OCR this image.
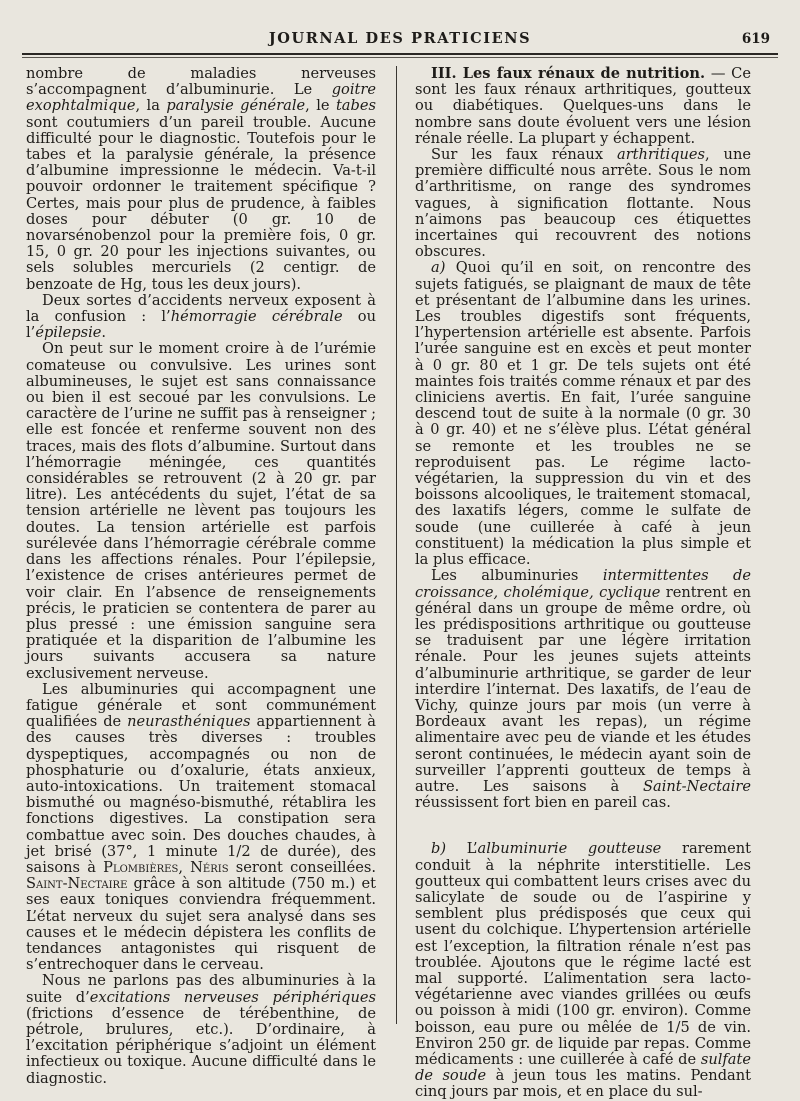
JOURNAL DES PRATICIENS	619

nombre de maladies nerveuses s’accompagnent d’albuminurie. Le goitre exophtalmique, la paralysie générale, le tabes sont coutumiers d’un pareil trouble. Aucune difficulté pour le diagnostic. Toutefois pour le tabes et la paralysie générale, la présence d’albumine impressionne le médecin. Va-t-il pouvoir ordonner le traitement spécifique ? Certes, mais pour plus de prudence, à faibles doses pour débuter (0 gr. 10 de novarsénobenzol pour la première fois, 0 gr. 15, 0 gr. 20 pour les injections suivantes, ou sels solubles mercuriels (2 centigr. de benzoate de Hg, tous les deux jours).

Deux sortes d’accidents nerveux exposent à la confusion : l’hémorragie cérébrale ou l’épilepsie.

On peut sur le moment croire à de l’urémie comateuse ou convulsive. Les urines sont albumineuses, le sujet est sans connaissance ou bien il est secoué par les convulsions. Le caractère de l’urine ne suffit pas à renseigner ; elle est foncée et renferme souvent non des traces, mais des flots d’albumine. Surtout dans l’hémorragie méningée, ces quantités considérables se retrouvent (2 à 20 gr. par litre). Les antécédents du sujet, l’état de sa tension artérielle ne lèvent pas toujours les doutes. La tension artérielle est parfois surélevée dans l’hémorragie cérébrale comme dans les affections rénales. Pour l’épilepsie, l’existence de crises antérieures permet de voir clair. En l’absence de renseignements précis, le praticien se contentera de parer au plus pressé : une émission sanguine sera pratiquée et la disparition de l’albumine les jours suivants accusera sa nature exclusivement nerveuse.

Les albuminuries qui accompagnent une fatigue générale et sont communément qualifiées de neurasthéniques appartiennent à des causes très diverses : troubles dyspeptiques, accompagnés ou non de phosphaturie ou d’oxalurie, états anxieux, auto-intoxications. Un traitement stomacal bismuthé ou magnéso-bismuthé, rétablira les fonctions digestives. La constipation sera combattue avec soin. Des douches chaudes, à jet brisé (37°, 1 minute 1/2 de durée), des saisons à Plombières, Néris seront conseillées. Saint-Nectaire grâce à son altitude (750 m.) et ses eaux toniques conviendra fréquemment. L’état nerveux du sujet sera analysé dans ses causes et le médecin dépistera les conflits de tendances antagonistes qui risquent de s’entrechoquer dans le cerveau.

Nous ne parlons pas des albuminuries à la suite d’excitations nerveuses périphériques (frictions d’essence de térébenthine, de pétrole, brulures, etc.). D’ordinaire, à l’excitation périphérique s’adjoint un élément infectieux ou toxique. Aucune difficulté dans le diagnostic.

III. Les faux rénaux de nutrition. — Ce sont les faux rénaux arthritiques, goutteux ou diabétiques. Quelques-uns dans le nombre sans doute évoluent vers une lésion rénale réelle. La plupart y échappent.

Sur les faux rénaux arthritiques, une première difficulté nous arrête. Sous le nom d’arthritisme, on range des syndromes vagues, à signification flottante. Nous n’aimons pas beaucoup ces étiquettes incertaines qui recouvrent des notions obscures.

a) Quoi qu’il en soit, on rencontre des sujets fatigués, se plaignant de maux de tête et présentant de l’albumine dans les urines. Les troubles digestifs sont fréquents, l’hypertension artérielle est absente. Parfois l’urée sanguine est en excès et peut monter à 0 gr. 80 et 1 gr. De tels sujets ont été maintes fois traités comme rénaux et par des cliniciens avertis. En fait, l’urée sanguine descend tout de suite à la normale (0 gr. 30 à 0 gr. 40) et ne s’élève plus. L’état général se remonte et les troubles ne se reproduisent pas. Le régime lacto-végétarien, la suppression du vin et des boissons alcooliques, le traitement stomacal, des laxatifs légers, comme le sulfate de soude (une cuillerée à café à jeun constituent) la médication la plus simple et la plus efficace.

Les albuminuries intermittentes de croissance, cholémique, cyclique rentrent en général dans un groupe de même ordre, où les prédispositions arthritique ou goutteuse se traduisent par une légère irritation rénale. Pour les jeunes sujets atteints d’albuminurie arthritique, se garder de leur interdire l’internat. Des laxatifs, de l’eau de Vichy, quinze jours par mois (un verre à Bordeaux avant les repas), un régime alimentaire avec peu de viande et les études seront continuées, le médecin ayant soin de surveiller l’apprenti goutteux de temps à autre. Les saisons à Saint-Nectaire réussissent fort bien en pareil cas.

b) L’albuminurie goutteuse rarement conduit à la néphrite interstitielle. Les goutteux qui combattent leurs crises avec du salicylate de soude ou de l’aspirine y semblent plus prédisposés que ceux qui usent du colchique. L’hypertension artérielle est l’exception, la filtration rénale n’est pas troublée. Ajoutons que le régime lacté est mal supporté. L’alimentation sera lacto-végétarienne avec viandes grillées ou œufs ou poisson à midi (100 gr. environ). Comme boisson, eau pure ou mêlée de 1/5 de vin. Environ 250 gr. de liquide par repas. Comme médicaments : une cuillerée à café de sulfate de soude à jeun tous les matins. Pendant cinq jours par mois, et en place du sul-
